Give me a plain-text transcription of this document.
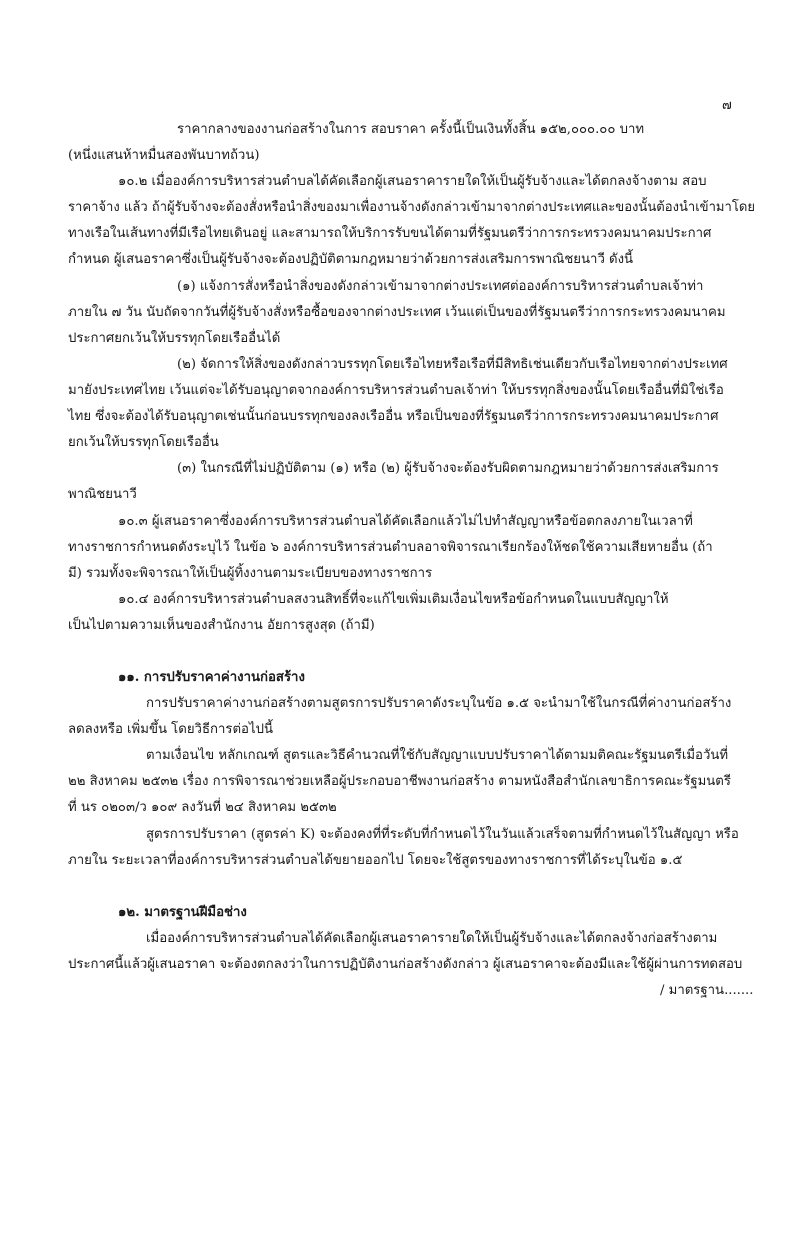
๗
ราคากลางของงานก่อสร้างในการ สอบราคา ครั้งนี้เป็นเงินทั้งสิ้น ๑๕๒,๐๐๐.๐๐ บาท
(หนึ่งแสนห้าหมื่นสองพันบาทถ้วน)
๑๐.๒ เมื่อองค์การบริหารส่วนตำบลได้คัดเลือกผู้เสนอราคารายใดให้เป็นผู้รับจ้างและได้ตกลงจ้างตาม สอบ
ราคาจ้าง แล้ว ถ้าผู้รับจ้างจะต้องสั่งหรือนำสิ่งของมาเพื่องานจ้างดังกล่าวเข้ามาจากต่างประเทศและของนั้นต้องนำเข้ามาโดย
ทางเรือในเส้นทางที่มีเรือไทยเดินอยู่ และสามารถให้บริการรับขนได้ตามที่รัฐมนตรีว่าการกระทรวงคมนาคมประกาศ
กำหนด ผู้เสนอราคาซึ่งเป็นผู้รับจ้างจะต้องปฏิบัติตามกฎหมายว่าด้วยการส่งเสริมการพาณิชยนาวี ดังนี้
(๑) แจ้งการสั่งหรือนำสิ่งของดังกล่าวเข้ามาจากต่างประเทศต่อองค์การบริหารส่วนตำบลเจ้าท่า
ภายใน ๗ วัน นับถัดจากวันที่ผู้รับจ้างสั่งหรือซื้อของจากต่างประเทศ เว้นแต่เป็นของที่รัฐมนตรีว่าการกระทรวงคมนาคม
ประกาศยกเว้นให้บรรทุกโดยเรืออื่นได้
(๒) จัดการให้สิ่งของดังกล่าวบรรทุกโดยเรือไทยหรือเรือที่มีสิทธิเช่นเดียวกับเรือไทยจากต่างประเทศ
มายังประเทศไทย เว้นแต่จะได้รับอนุญาตจากองค์การบริหารส่วนตำบลเจ้าท่า ให้บรรทุกสิ่งของนั้นโดยเรืออื่นที่มิใช่เรือ
ไทย ซึ่งจะต้องได้รับอนุญาตเช่นนั้นก่อนบรรทุกของลงเรืออื่น หรือเป็นของที่รัฐมนตรีว่าการกระทรวงคมนาคมประกาศ
ยกเว้นให้บรรทุกโดยเรืออื่น
(๓) ในกรณีที่ไม่ปฏิบัติตาม (๑) หรือ (๒) ผู้รับจ้างจะต้องรับผิดตามกฎหมายว่าด้วยการส่งเสริมการ
พาณิชยนาวี
๑๐.๓ ผู้เสนอราคาซึ่งองค์การบริหารส่วนตำบลได้คัดเลือกแล้วไม่ไปทำสัญญาหรือข้อตกลงภายในเวลาที่
ทางราชการกำหนดดังระบุไว้ ในข้อ ๖ องค์การบริหารส่วนตำบลอาจพิจารณาเรียกร้องให้ชดใช้ความเสียหายอื่น (ถ้า
มี) รวมทั้งจะพิจารณาให้เป็นผู้ทิ้งงานตามระเบียบของทางราชการ
๑๐.๔ องค์การบริหารส่วนตำบลสงวนสิทธิ์ที่จะแก้ไขเพิ่มเติมเงื่อนไขหรือข้อกำหนดในแบบสัญญาให้
เป็นไปตามความเห็นของสำนักงาน อัยการสูงสุด (ถ้ามี)
๑๑. การปรับราคาค่างานก่อสร้าง
การปรับราคาค่างานก่อสร้างตามสูตรการปรับราคาดังระบุในข้อ ๑.๕ จะนำมาใช้ในกรณีที่ค่างานก่อสร้าง
ลดลงหรือ เพิ่มขึ้น โดยวิธีการต่อไปนี้
ตามเงื่อนไข หลักเกณฑ์ สูตรและวิธีคำนวณที่ใช้กับสัญญาแบบปรับราคาได้ตามมติคณะรัฐมนตรีเมื่อวันที่
๒๒ สิงหาคม ๒๕๓๒ เรื่อง การพิจารณาช่วยเหลือผู้ประกอบอาชีพงานก่อสร้าง ตามหนังสือสำนักเลขาธิการคณะรัฐมนตรี
ที่ นร ๐๒๐๓/ว ๑๐๙ ลงวันที่ ๒๔ สิงหาคม ๒๕๓๒
สูตรการปรับราคา (สูตรค่า K) จะต้องคงที่ที่ระดับที่กำหนดไว้ในวันแล้วเสร็จตามที่กำหนดไว้ในสัญญา หรือ
ภายใน ระยะเวลาที่องค์การบริหารส่วนตำบลได้ขยายออกไป โดยจะใช้สูตรของทางราชการที่ได้ระบุในข้อ ๑.๕
๑๒. มาตรฐานฝีมือช่าง
เมื่อองค์การบริหารส่วนตำบลได้คัดเลือกผู้เสนอราคารายใดให้เป็นผู้รับจ้างและได้ตกลงจ้างก่อสร้างตาม
ประกาศนี้แล้วผู้เสนอราคา จะต้องตกลงว่าในการปฏิบัติงานก่อสร้างดังกล่าว ผู้เสนอราคาจะต้องมีและใช้ผู้ผ่านการทดสอบ
/ มาตรฐาน.......
